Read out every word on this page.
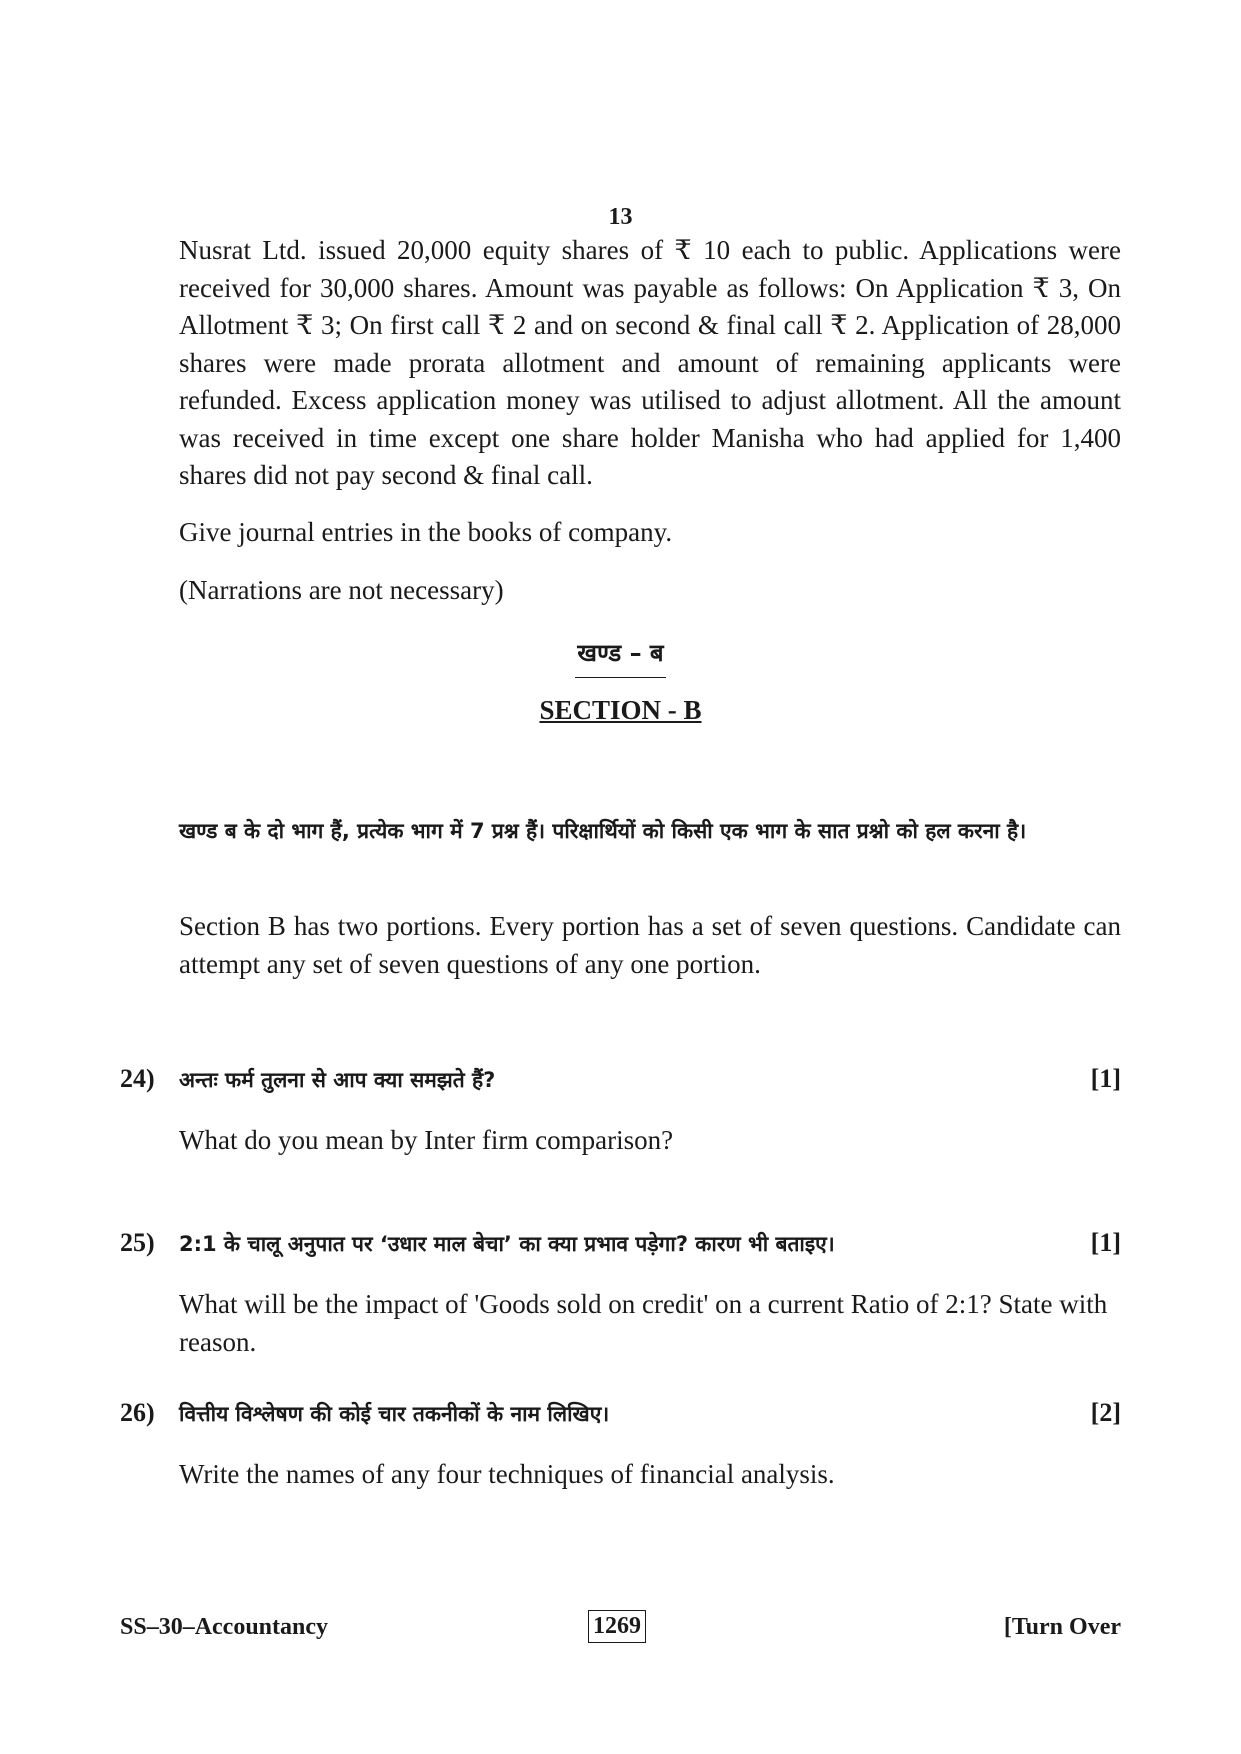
13

Nusrat Ltd. issued 20,000 equity shares of ₹ 10 each to public. Applications were received for 30,000 shares. Amount was payable as follows: On Application ₹ 3, On Allotment ₹ 3; On first call ₹ 2 and on second & final call ₹ 2. Application of 28,000 shares were made prorata allotment and amount of remaining applicants were refunded. Excess application money was utilised to adjust allotment. All the amount was received in time except one share holder Manisha who had applied for 1,400 shares did not pay second & final call.

Give journal entries in the books of company.

(Narrations are not necessary)

खण्ड – ब
SECTION - B

खण्ड ब के दो भाग हैं, प्रत्येक भाग में 7 प्रश्न हैं। परिक्षार्थियों को किसी एक भाग के सात प्रश्नो को हल करना है।

Section B has two portions. Every portion has a set of seven questions. Candidate can attempt any set of seven questions of any one portion.

24) अन्तः फर्म तुलना से आप क्या समझते हैं?	[1]
What do you mean by Inter firm comparison?
25) 2:1 के चालू अनुपात पर ‘उधार माल बेचा’ का क्या प्रभाव पड़ेगा? कारण भी बताइए।	[1]
What will be the impact of 'Goods sold on credit' on a current Ratio of 2:1? State with reason.
26) वित्तीय विश्लेषण की कोई चार तकनीकों के नाम लिखिए।	[2]
Write the names of any four techniques of financial analysis.
SS–30–Accountancy	1269	[Turn Over
